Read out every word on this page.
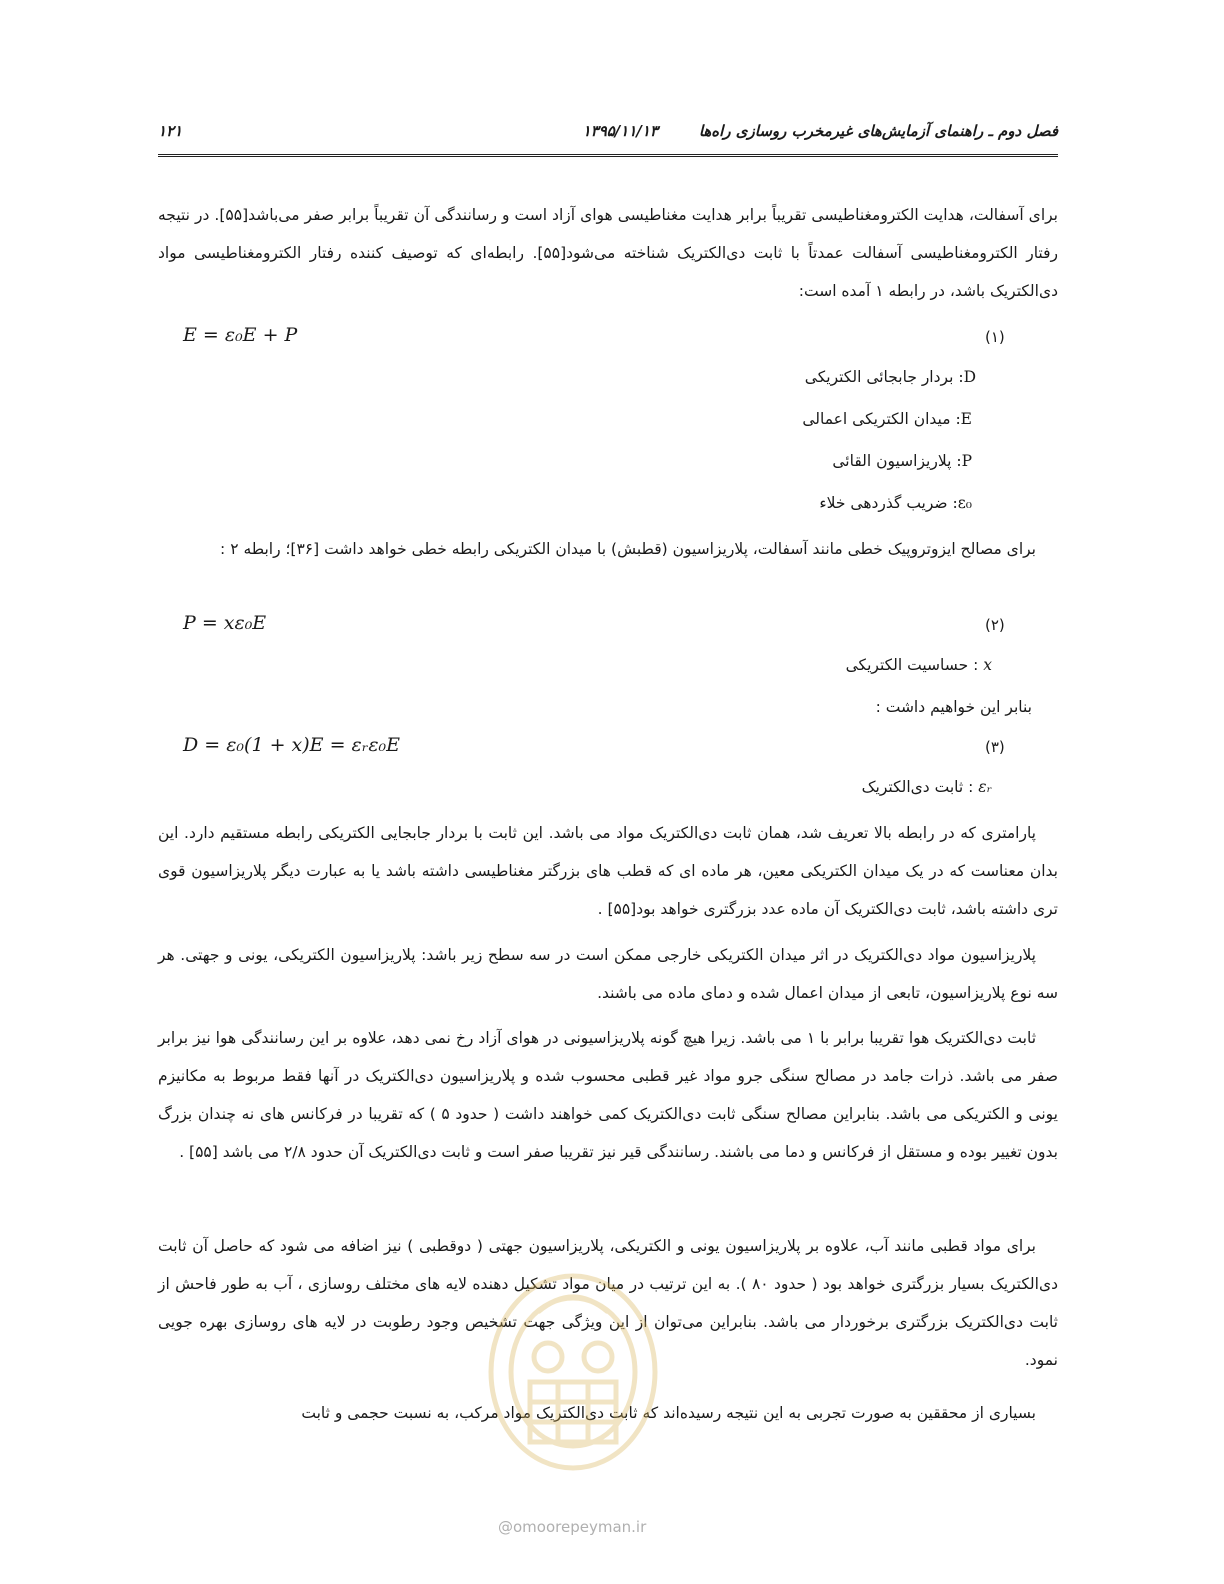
فصل دوم ـ راهنمای آزمایش‌های غیرمخرب روسازی راه‌ها
۱۳۹۵/۱۱/۱۳
۱۲۱
برای آسفالت، هدایت الکترومغناطیسی تقریباً برابر هدایت مغناطیسی هوای آزاد است و رسانندگی آن تقریباً برابر صفر می‌باشد[۵۵]. در نتیجه رفتار الکترومغناطیسی آسفالت عمدتاً با ثابت دی‌الکتریک شناخته می‌شود[۵۵]. رابطه‌ای که توصیف کننده رفتار الکترومغناطیسی مواد دی‌الکتریک باشد، در رابطه ۱ آمده است:
E = ε₀E + P	(۱)
D: بردار جابجائی الکتریکی
E: میدان الکتریکی اعمالی
P: پلاریزاسیون القائی
ε₀: ضریب گذردهی خلاء
برای مصالح ایزوتروپیک خطی مانند آسفالت، پلاریزاسیون (قطبش) با میدان الکتریکی رابطه خطی خواهد داشت [۳۶]؛ رابطه ۲ :
P = xε₀E	(۲)
x : حساسیت الکتریکی
بنابر این خواهیم داشت :
D = ε₀(1 + x)E = εᵣε₀E	(۳)
εᵣ : ثابت دی‌الکتریک
پارامتری که در رابطه بالا تعریف شد، همان ثابت دی‌الکتریک مواد می باشد. این ثابت با بردار جابجایی الکتریکی رابطه مستقیم دارد. این بدان معناست که در یک میدان الکتریکی معین، هر ماده ای که قطب های بزرگتر مغناطیسی داشته باشد یا به عبارت دیگر پلاریزاسیون قوی تری داشته باشد، ثابت دی‌الکتریک آن ماده عدد بزرگتری خواهد بود[۵۵] .
پلاریزاسیون مواد دی‌الکتریک در اثر میدان الکتریکی خارجی ممکن است در سه سطح زیر باشد: پلاریزاسیون الکتریکی، یونی و جهتی. هر سه نوع پلاریزاسیون، تابعی از میدان اعمال شده و دمای ماده می باشند.
ثابت دی‌الکتریک هوا تقریبا برابر با ۱ می باشد. زیرا هیچ گونه پلاریزاسیونی در هوای آزاد رخ نمی دهد، علاوه بر این رسانندگی هوا نیز برابر صفر می باشد. ذرات جامد در مصالح سنگی جرو مواد غیر قطبی محسوب شده و پلاریزاسیون دی‌الکتریک در آنها فقط مربوط به مکانیزم یونی و الکتریکی می باشد. بنابراین مصالح سنگی ثابت دی‌الکتریک کمی خواهند داشت ( حدود ۵ ) که تقریبا در فرکانس های نه چندان بزرگ بدون تغییر بوده و مستقل از فرکانس و دما می باشند. رسانندگی قیر نیز تقریبا صفر است و ثابت دی‌الکتریک آن حدود ۲/۸ می باشد [۵۵] .
برای مواد قطبی مانند آب، علاوه بر پلاریزاسیون یونی و الکتریکی، پلاریزاسیون جهتی ( دوقطبی ) نیز اضافه می شود که حاصل آن ثابت دی‌الکتریک بسیار بزرگتری خواهد بود ( حدود ۸۰ ). به این ترتیب در میان مواد تشکیل دهنده لایه های مختلف روسازی ، آب به طور فاحش از ثابت دی‌الکتریک بزرگتری برخوردار می باشد. بنابراین می‌توان از این ویژگی جهت تشخیص وجود رطوبت در لایه های روسازی بهره جویی نمود.
بسیاری از محققین به صورت تجربی به این نتیجه رسیده‌اند که ثابت دی‌الکتریک مواد مرکب، به نسبت حجمی و ثابت
@omoorepeyman.ir
